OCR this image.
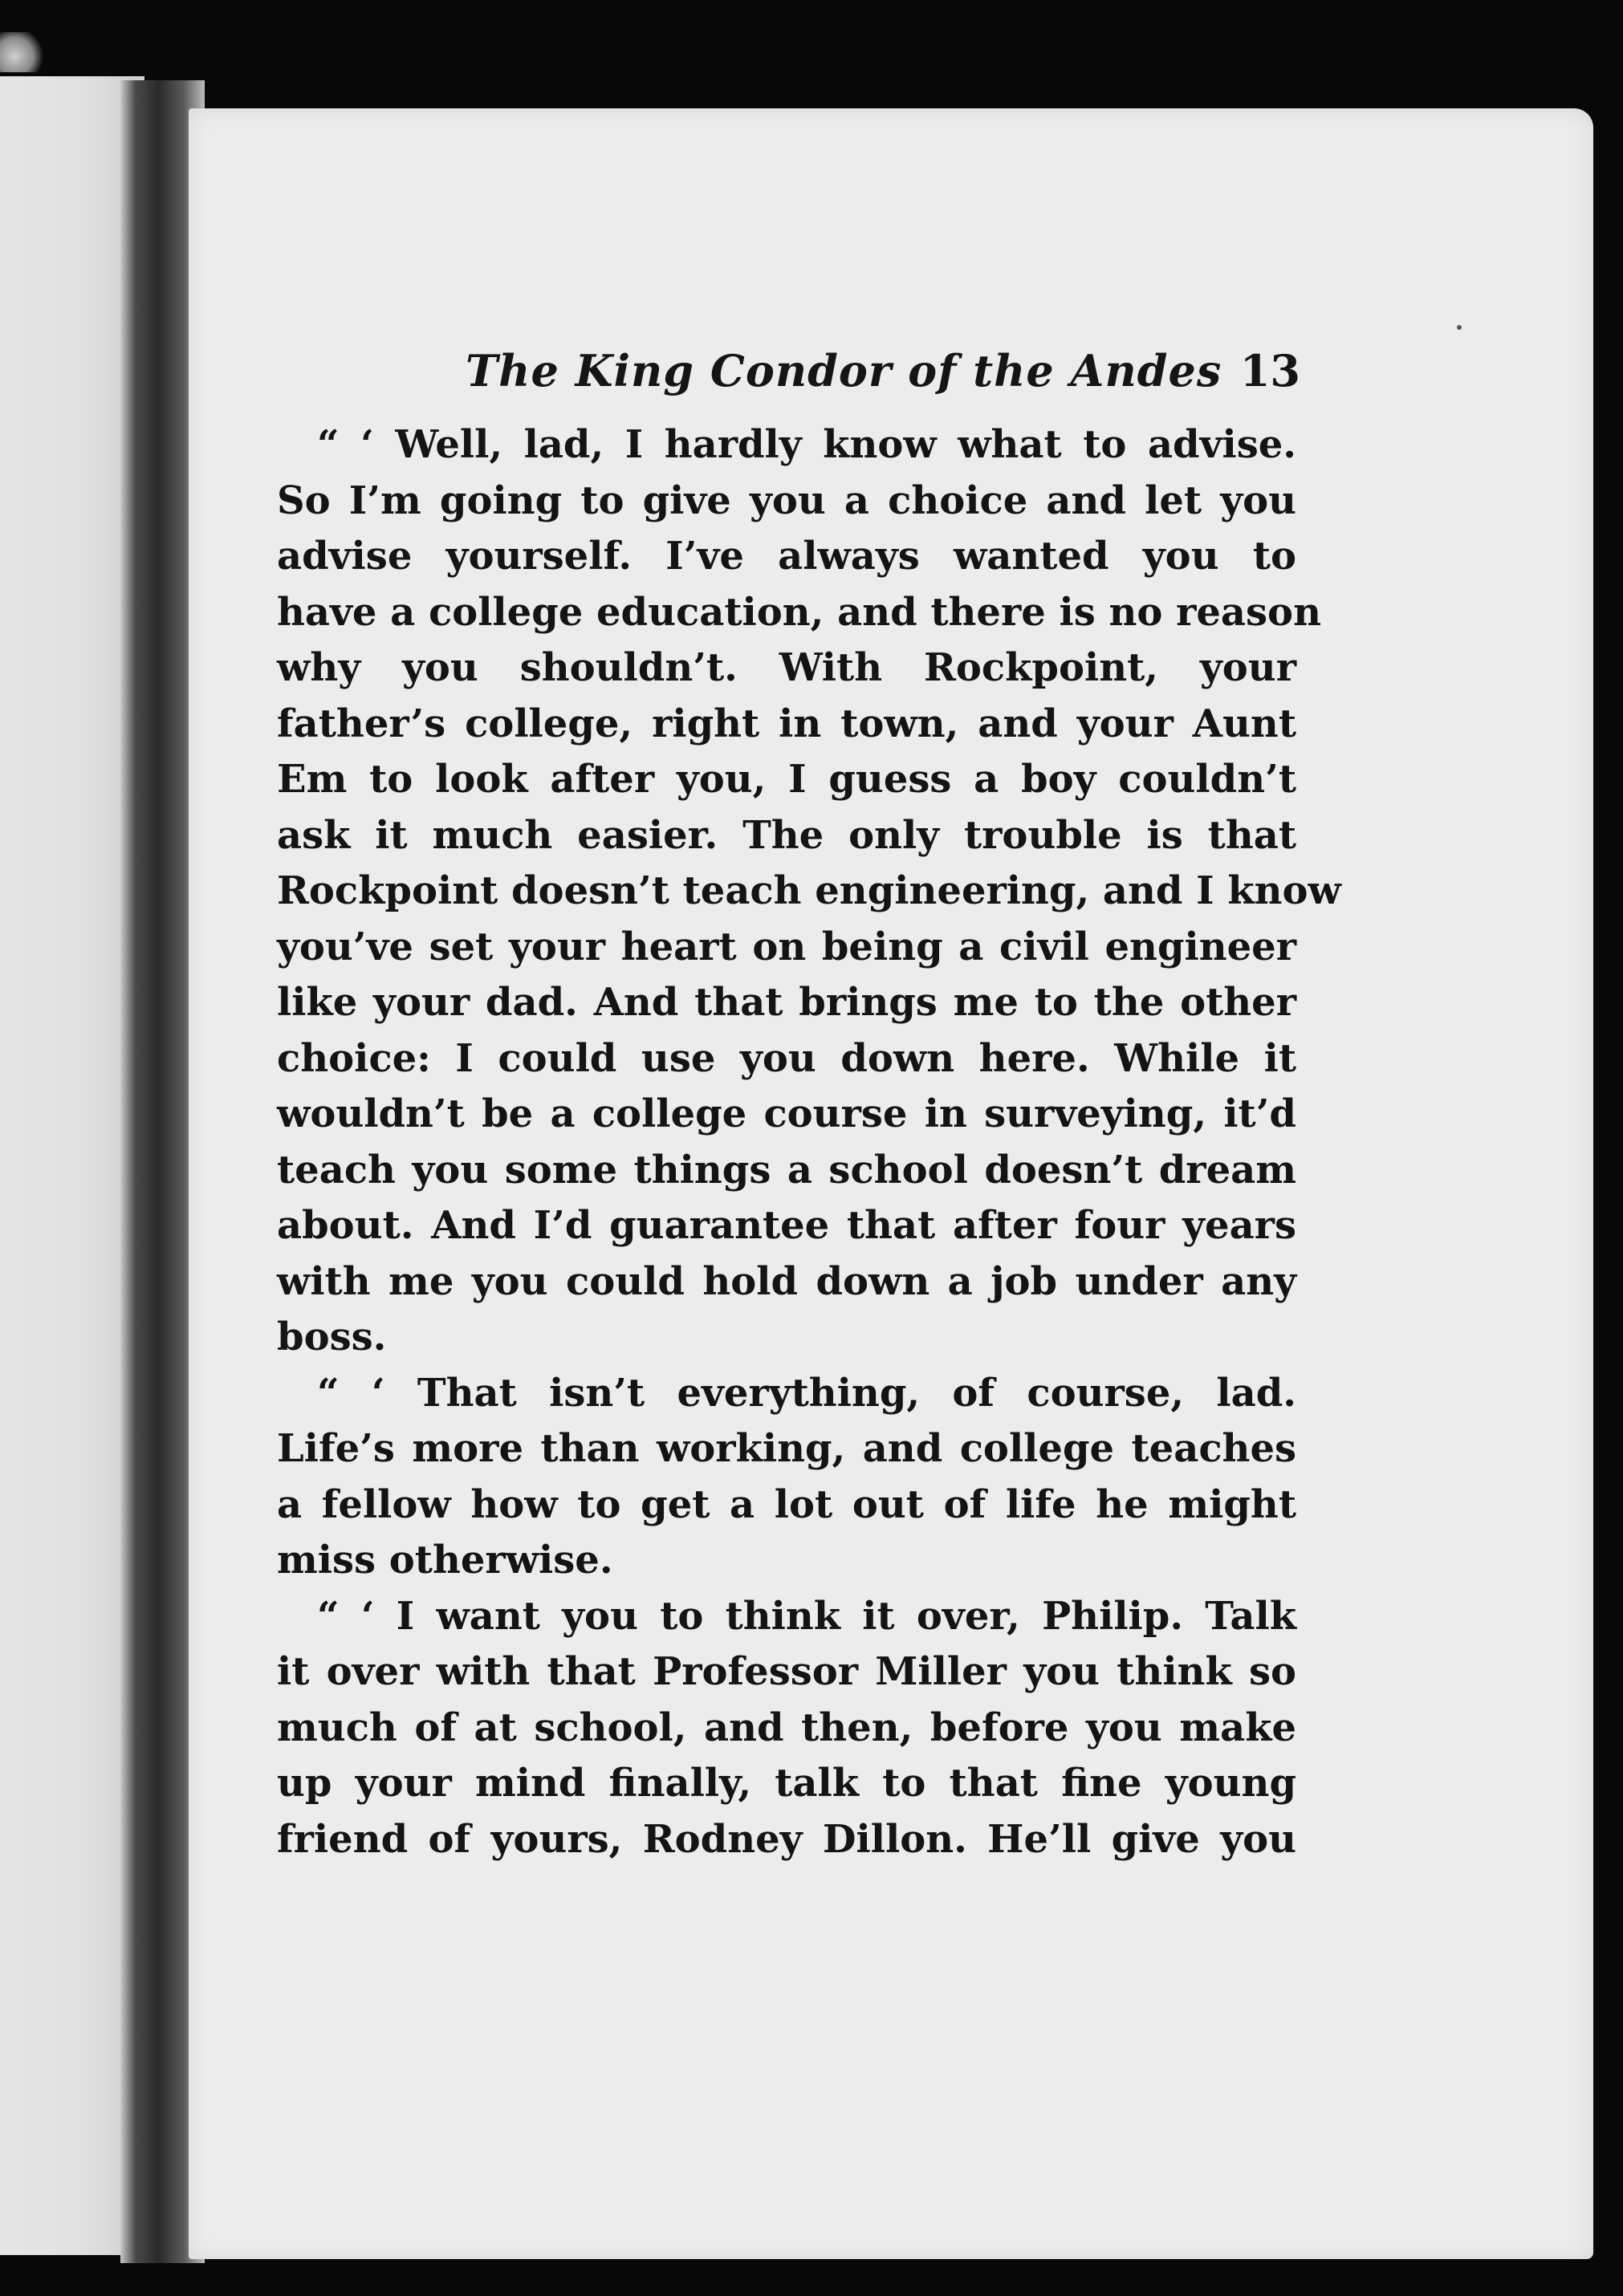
The King Condor of the Andes 13
“ ‘ Well, lad, I hardly know what to advise.
So I’m going to give you a choice and let you
advise yourself. I’ve always wanted you to
have a college education, and there is no reason
why you shouldn’t. With Rockpoint, your
father’s college, right in town, and your Aunt
Em to look after you, I guess a boy couldn’t
ask it much easier. The only trouble is that
Rockpoint doesn’t teach engineering, and I know
you’ve set your heart on being a civil engineer
like your dad. And that brings me to the other
choice: I could use you down here. While it
wouldn’t be a college course in surveying, it’d
teach you some things a school doesn’t dream
about. And I’d guarantee that after four years
with me you could hold down a job under any
boss.
“ ‘ That isn’t everything, of course, lad.
Life’s more than working, and college teaches
a fellow how to get a lot out of life he might
miss otherwise.
“ ‘ I want you to think it over, Philip. Talk
it over with that Professor Miller you think so
much of at school, and then, before you make
up your mind finally, talk to that fine young
friend of yours, Rodney Dillon. He’ll give you
